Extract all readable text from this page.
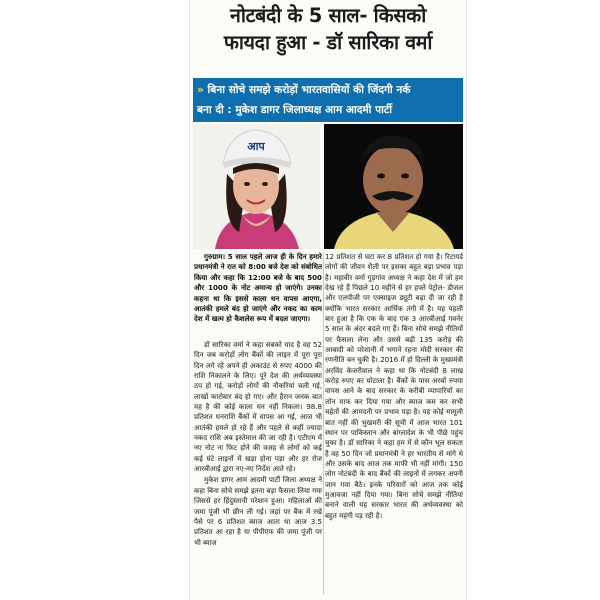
नोटबंदी के 5 साल- किसको
फायदा हुआ - डॉ सारिका वर्मा
» बिना सोचे समझे करोड़ों भारतवासियों की जिंदगी नर्क
बना दी : मुकेश डागर जिलाध्यक्ष आम आदमी पार्टी
आप

गुरुग्राम। 5 साल पहले आज ही के दिन हमारे प्रधानमंत्री ने रात को 8:00 बजे देश को संबोधित किया और कहा कि 12:00 बजे के बाद 500 और 1000 के नोट अमान्य हो जाएंगे। उनका कहना था कि इससे काला धन वापस आएगा, आतंकी हमले बंद हो जाएंगे और नकद का काम देश में खत्म हो कैशलेस रूप में बदल जाएगा।

डॉ सारिका वर्मा ने कहा सबको याद है वह 52 दिन जब करोड़ों लोग बैंकों की लाइन में पूरा पूरा दिन लगे रहे अपने ही अकाउंट से रुपए 4000 की राशि निकालने के लिए। पूरे देश की अर्थव्यवस्था ठप हो गई, करोड़ों लोगों की नौकरियां चली गई, लाखों कारोबार बंद हो गए। और हैरान जनक बात यह है की कोई काला धन नहीं निकला। 98.8 प्रतिशत धनराशि बैंकों में वापस आ गई, आज भी आतंकी हमले हो रहे हैं और पहले से कहीं ज्यादा नकद राशि अब इस्तेमाल की जा रही है। एटीएम में नए नोट ना फिट होने की वजह से लोगों को कई कई घंटे लाइनों में खड़ा होना पड़ा और हर रोज आरबीआई द्वारा नए-नए निर्देश आते रहे।

मुकेश डागर आम आदमी पार्टी जिला अध्यक्ष ने कहा बिना सोचे समझे इतना बड़ा फैसला लिया गया जिससे हर हिंदुस्तानी परेशान हुआ। महिलाओं की जमा पूंजी भी छीन ली गई। जहां पर बैंक में रखे पैसे पर 6 प्रतिशत ब्याज आता था आज 3.5 प्रतिशत आ रहा है या पीपीएफ की जमा पूंजी पर भी ब्याज

12 प्रतिशत से घटा कर 8 प्रतिशत हो गया है। रिटायर्ड लोगों की जीवन शैली पर इसका बहुत बड़ा प्रभाव पड़ा है। महावीर वर्मा गुड़गांव अध्यक्ष ने कहा देश में जो हम देख रहे हैं पिछले 10 महीने से हर हफ्ते पेट्रोल- डीजल और एलपीजी पर एक्साइज ड्यूटी बढ़ा दी जा रही है क्योंकि भारत सरकार आर्थिक तंगी में है। यह पहली बार हुआ है कि एक के बाद एक 3 आरबीआई गवर्नर 5 साल के अंदर बदले गए हैं। बिना सोचे समझे नीतियों पर फैसला लेना और उससे बढ़ी 135 करोड़ की आबादी को परेशानी में भगाने रहना मोदी सरकार की रणनीति बन चुकी है। 2016 में हो दिल्ली के मुख्यमंत्री अरविंद केजरीवाल ने कहा था कि नोटबंदी 8 लाख करोड़ रुपए का घोटाला है। बैंकों के पास अरबों रुपया वापस आने के बाद सरकार के करीबी व्यापारियों का लोन माफ कर दिया गया और ब्याज कम कर सभी चहेतों की आमदनी पर प्रभाव पड़ा है। यह कोई मामूली बात नहीं की भुखमरी की सूची में आज भारत 101 स्थान पर पाकिस्तान और बांग्लादेश के भी पीछे पहुंच चुका है। डॉ सारिका ने कहा हम में से कौन भूल सकता है वह 50 दिन जो प्रधानमंत्री ने हर भारतीय से मांगे थे और उसके बाद आज तक माफी भी नहीं मांगी। 150 लोग नोटबंदी के बाद बैंकों की लाइनों में लगकर अपनी जान गवा बैठे। इनके परिवारों को आज तक कोई मुआवजा नहीं दिया गया। बिना सोचे समझे नीतियां बनाने वाली यह सरकार भारत की अर्थव्यवस्था को बहुत महंगी पड़ रही है।
